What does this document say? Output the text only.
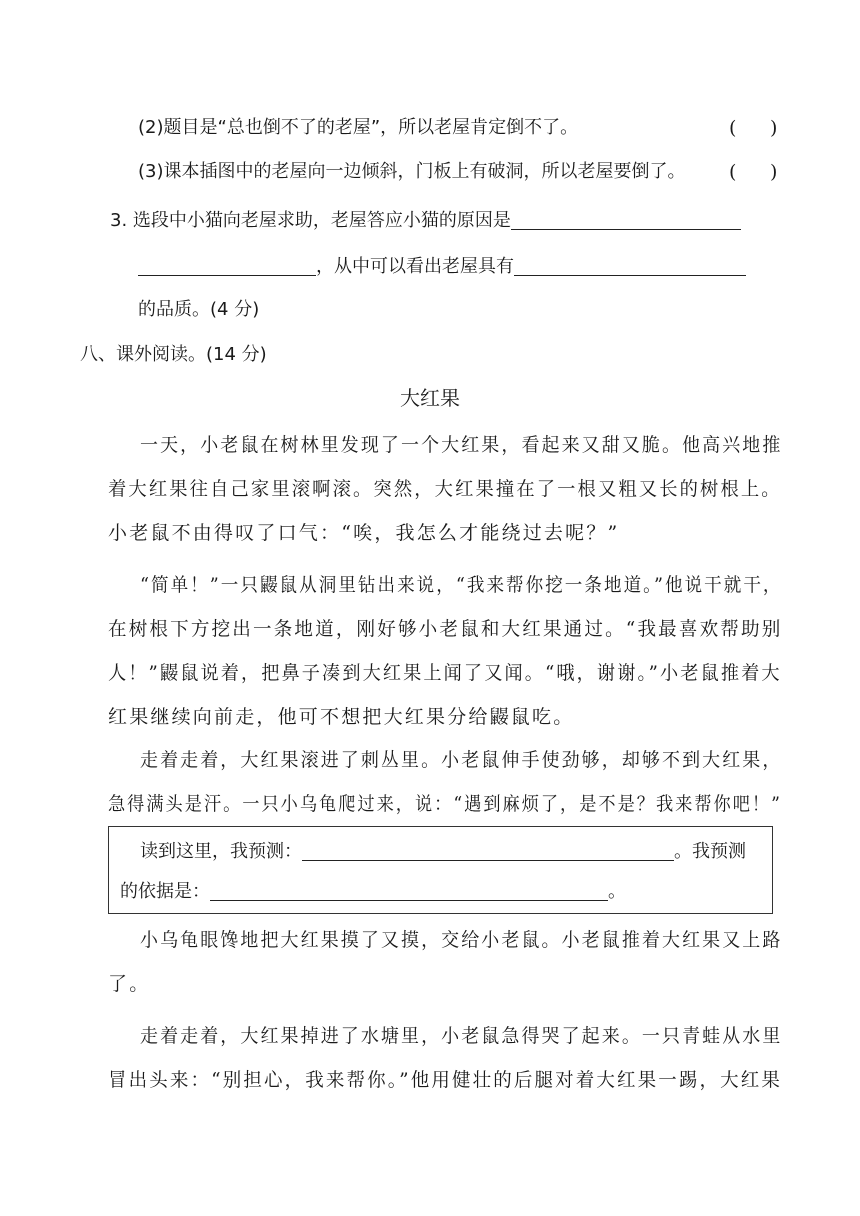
(2)题目是“总也倒不了的老屋”，所以老屋肯定倒不了。	( )
(3)课本插图中的老屋向一边倾斜，门板上有破洞，所以老屋要倒了。 ( )
3. 选段中小猫向老屋求助，老屋答应小猫的原因是
，从中可以看出老屋具有
的品质。(4 分)
八、课外阅读。(14 分)
大红果
一天，小老鼠在树林里发现了一个大红果，看起来又甜又脆。他高兴地推
着大红果往自己家里滚啊滚。突然，大红果撞在了一根又粗又长的树根上。
小老鼠不由得叹了口气：“唉，我怎么才能绕过去呢？”
“简单！”一只鼹鼠从洞里钻出来说，“我来帮你挖一条地道。”他说干就干，
在树根下方挖出一条地道，刚好够小老鼠和大红果通过。“我最喜欢帮助别
人！”鼹鼠说着，把鼻子凑到大红果上闻了又闻。“哦，谢谢。”小老鼠推着大
红果继续向前走，他可不想把大红果分给鼹鼠吃。
走着走着，大红果滚进了刺丛里。小老鼠伸手使劲够，却够不到大红果，
急得满头是汗。一只小乌龟爬过来，说：“遇到麻烦了，是不是？我来帮你吧！”
读到这里，我预测：	。我预测
的依据是：	。
小乌龟眼馋地把大红果摸了又摸，交给小老鼠。小老鼠推着大红果又上路
了。
走着走着，大红果掉进了水塘里，小老鼠急得哭了起来。一只青蛙从水里
冒出头来：“别担心，我来帮你。”他用健壮的后腿对着大红果一踢，大红果
